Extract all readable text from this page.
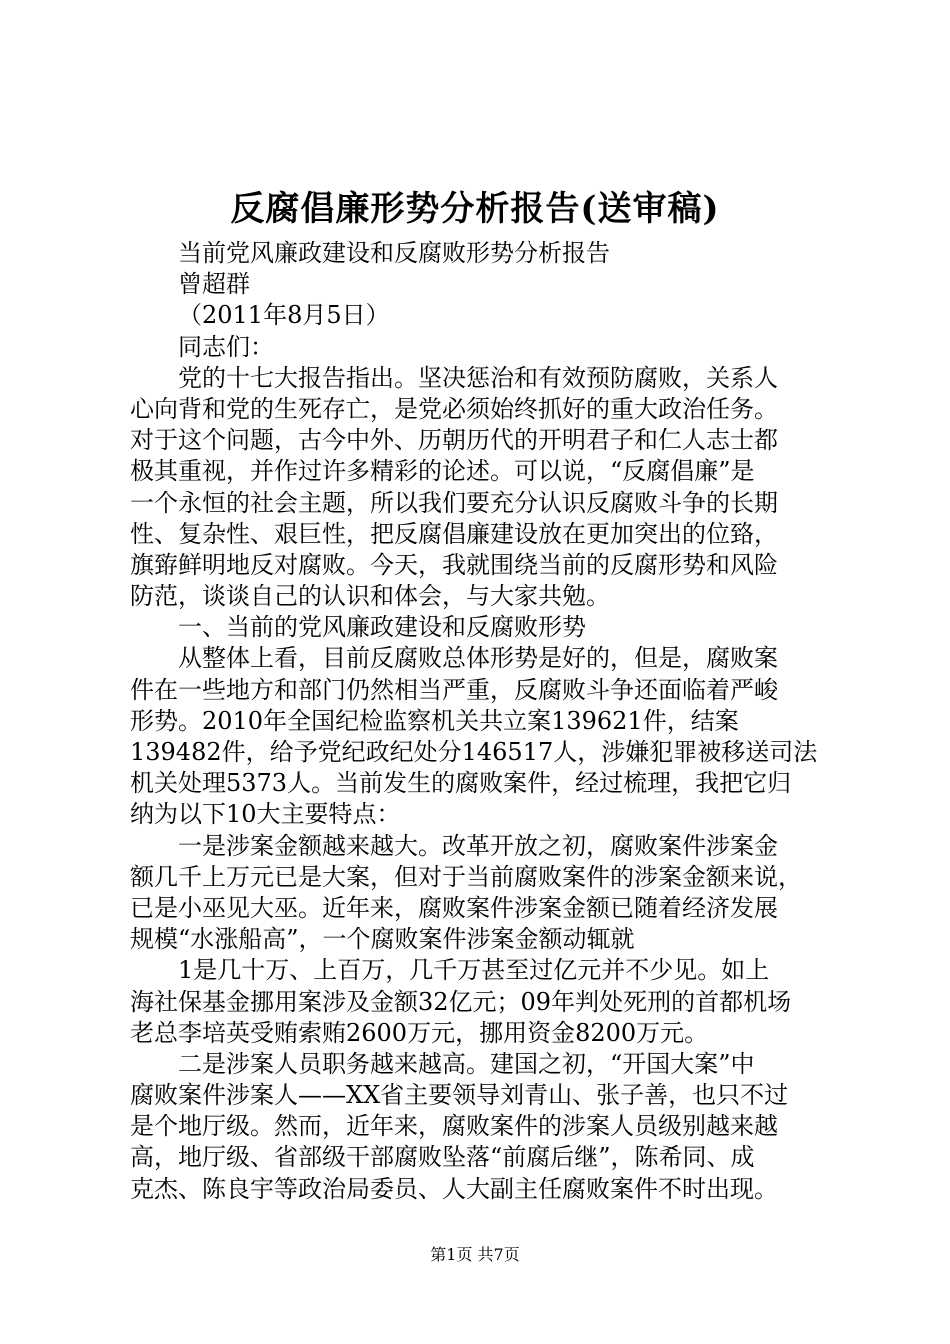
反腐倡廉形势分析报告(送审稿)
当前党风廉政建设和反腐败形势分析报告
曾超群
（2011年8月5日）
同志们：
党的十七大报告指出。坚决惩治和有效预防腐败，关系人
心向背和党的生死存亡，是党必须始终抓好的重大政治任务。
对于这个问题，古今中外、历朝历代的开明君子和仁人志士都
极其重视，并作过许多精彩的论述。可以说，“反腐倡廉”是
一个永恒的社会主题，所以我们要充分认识反腐败斗争的长期
性、复杂性、艰巨性，把反腐倡廉建设放在更加突出的位臵，
旗臶鲜明地反对腐败。今天，我就围绕当前的反腐形势和风险
防范，谈谈自己的认识和体会，与大家共勉。
一、当前的党风廉政建设和反腐败形势
从整体上看，目前反腐败总体形势是好的，但是，腐败案
件在一些地方和部门仍然相当严重，反腐败斗争还面临着严峻
形势。2010年全国纪检监察机关共立案139621件，结案
139482件，给予党纪政纪处分146517人，涉嫌犯罪被移送司法
机关处理5373人。当前发生的腐败案件，经过梳理，我把它归
纳为以下10大主要特点：
一是涉案金额越来越大。改革开放之初，腐败案件涉案金
额几千上万元已是大案，但对于当前腐败案件的涉案金额来说，
已是小巫见大巫。近年来，腐败案件涉案金额已随着经济发展
规模“水涨船高”，一个腐败案件涉案金额动辄就
1是几十万、上百万，几千万甚至过亿元并不少见。如上
海社保基金挪用案涉及金额32亿元；09年判处死刑的首都机场
老总李培英受贿索贿2600万元，挪用资金8200万元。
二是涉案人员职务越来越高。建国之初，“开国大案”中
腐败案件涉案人——XX省主要领导刘青山、张子善，也只不过
是个地厅级。然而，近年来，腐败案件的涉案人员级别越来越
高，地厅级、省部级干部腐败坠落“前腐后继”，陈希同、成
克杰、陈良宇等政治局委员、人大副主任腐败案件不时出现。
第1页 共7页
